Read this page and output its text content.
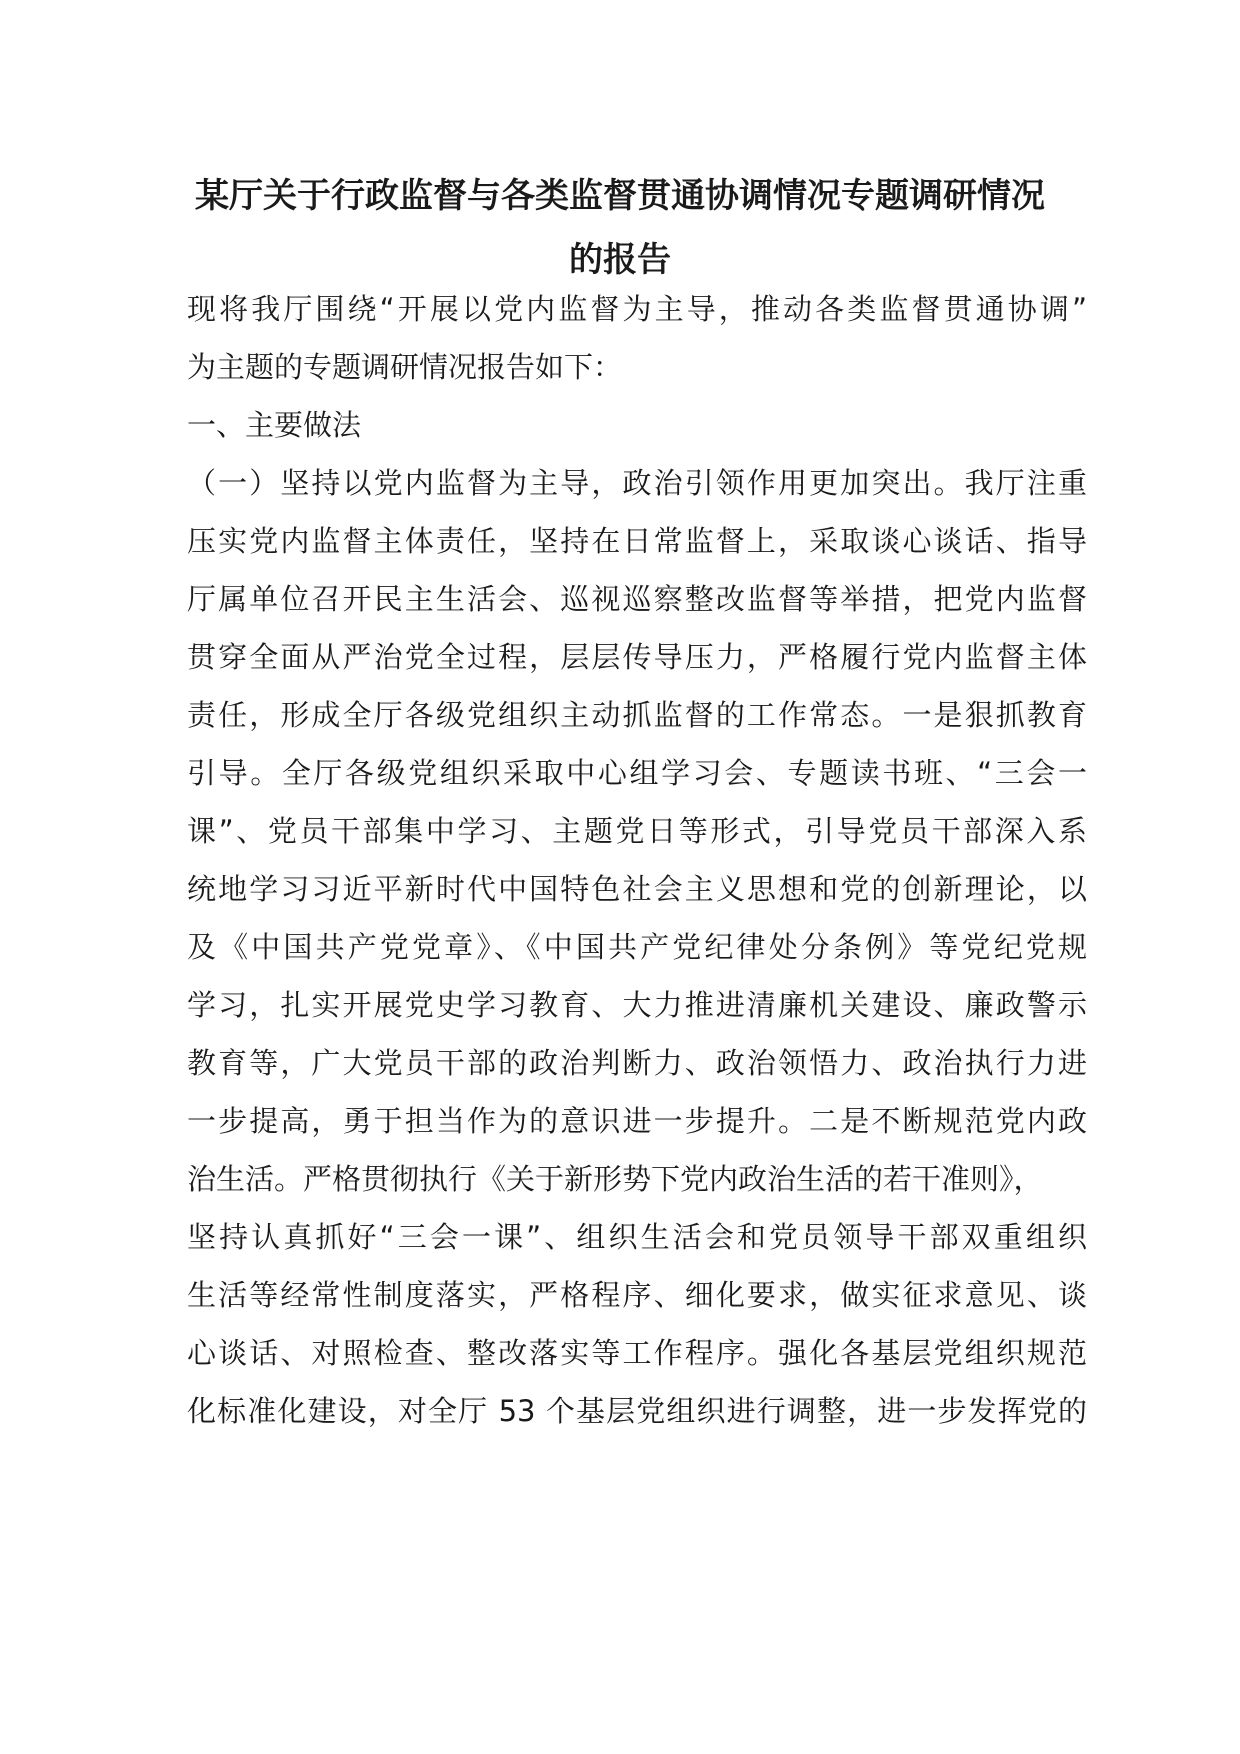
某厅关于行政监督与各类监督贯通协调情况专题调研情况
的报告
现将我厅围绕“开展以党内监督为主导，推动各类监督贯通协调”
为主题的专题调研情况报告如下：
一、主要做法
（一）坚持以党内监督为主导，政治引领作用更加突出。我厅注重
压实党内监督主体责任，坚持在日常监督上，采取谈心谈话、指导
厅属单位召开民主生活会、巡视巡察整改监督等举措，把党内监督
贯穿全面从严治党全过程，层层传导压力，严格履行党内监督主体
责任，形成全厅各级党组织主动抓监督的工作常态。一是狠抓教育
引导。全厅各级党组织采取中心组学习会、专题读书班、“三会一
课”、党员干部集中学习、主题党日等形式，引导党员干部深入系
统地学习习近平新时代中国特色社会主义思想和党的创新理论，以
及《中国共产党党章》、《中国共产党纪律处分条例》等党纪党规
学习，扎实开展党史学习教育、大力推进清廉机关建设、廉政警示
教育等，广大党员干部的政治判断力、政治领悟力、政治执行力进
一步提高，勇于担当作为的意识进一步提升。二是不断规范党内政
治生活。严格贯彻执行《关于新形势下党内政治生活的若干准则》，
坚持认真抓好“三会一课”、组织生活会和党员领导干部双重组织
生活等经常性制度落实，严格程序、细化要求，做实征求意见、谈
心谈话、对照检查、整改落实等工作程序。强化各基层党组织规范
化标准化建设，对全厅 53 个基层党组织进行调整，进一步发挥党的
